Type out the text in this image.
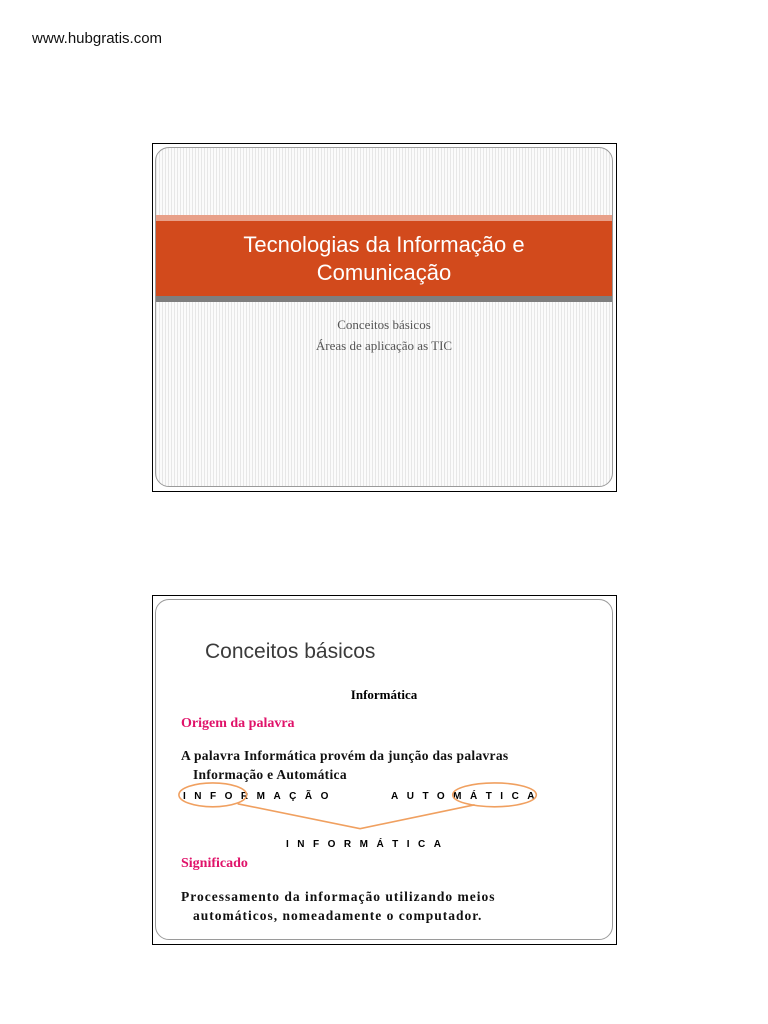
www.hubgratis.com
Tecnologias da Informação e Comunicação
Conceitos básicos
Áreas de aplicação as TIC
Conceitos básicos
Informática
Origem da palavra
A palavra Informática provém da junção das palavras
Informação e Automática
INFORMAÇÃO	AUTOMÁTICA
INFORMÁTICA
Significado
Processamento da informação utilizando meios
automáticos, nomeadamente o computador.
